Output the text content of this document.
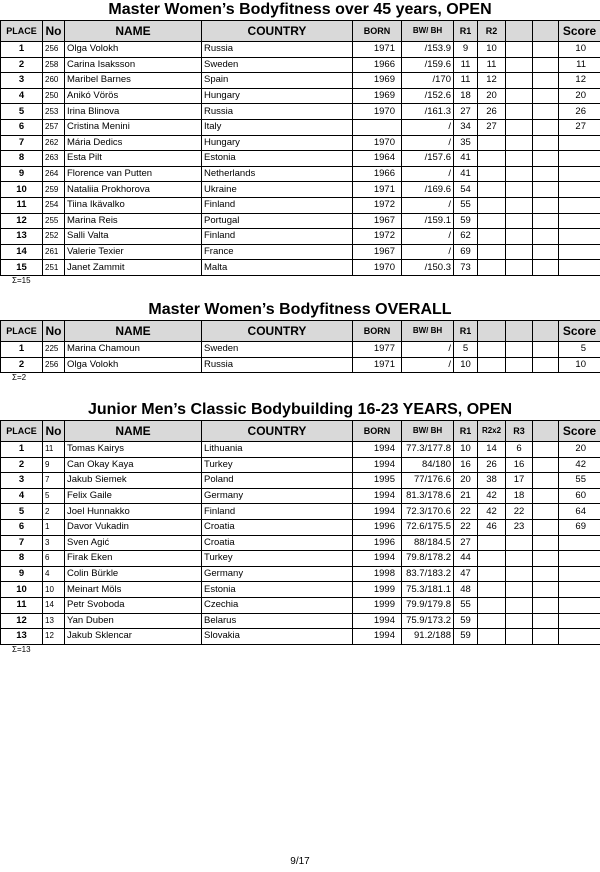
Master Women’s Bodyfitness over 45 years, OPEN
PLACE	No	NAME	COUNTRY	BORN	BW/ BH	R1	R2			Score
1	256	Olga Volokh	Russia	1971	/153.9	9	10			10
2	258	Carina Isaksson	Sweden	1966	/159.6	11	11			11
3	260	Maribel Barnes	Spain	1969	/170	11	12			12
4	250	Anikó Vörös	Hungary	1969	/152.6	18	20			20
5	253	Irina Blinova	Russia	1970	/161.3	27	26			26
6	257	Cristina Menini	Italy		/	34	27			27
7	262	Mária Dedics	Hungary	1970	/	35				
8	263	Esta Pilt	Estonia	1964	/157.6	41				
9	264	Florence van Putten	Netherlands	1966	/	41				
10	259	Nataliia Prokhorova	Ukraine	1971	/169.6	54				
11	254	Tiina Ikävalko	Finland	1972	/	55				
12	255	Marina Reis	Portugal	1967	/159.1	59				
13	252	Salli Valta	Finland	1972	/	62				
14	261	Valerie Texier	France	1967	/	69				
15	251	Janet Zammit	Malta	1970	/150.3	73				
Σ=15
Master Women’s Bodyfitness OVERALL
PLACE	No	NAME	COUNTRY	BORN	BW/ BH	R1				Score
1	225	Marina Chamoun	Sweden	1977	/	5				5
2	256	Olga Volokh	Russia	1971	/	10				10
Σ=2
Junior Men’s Classic Bodybuilding 16-23 YEARS, OPEN
PLACE	No	NAME	COUNTRY	BORN	BW/ BH	R1	R2x2	R3		Score
1	11	Tomas Kairys	Lithuania	1994	77.3/177.8	10	14	6		20
2	9	Can Okay Kaya	Turkey	1994	84/180	16	26	16		42
3	7	Jakub Siemek	Poland	1995	77/176.6	20	38	17		55
4	5	Felix Gaile	Germany	1994	81.3/178.6	21	42	18		60
5	2	Joel Hunnakko	Finland	1994	72.3/170.6	22	42	22		64
6	1	Davor Vukadin	Croatia	1996	72.6/175.5	22	46	23		69
7	3	Sven Agić	Croatia	1996	88/184.5	27				
8	6	Firak Eken	Turkey	1994	79.8/178.2	44				
9	4	Colin Bürkle	Germany	1998	83.7/183.2	47				
10	10	Meinart Möls	Estonia	1999	75.3/181.1	48				
11	14	Petr Svoboda	Czechia	1999	79.9/179.8	55				
12	13	Yan Duben	Belarus	1994	75.9/173.2	59				
13	12	Jakub Sklencar	Slovakia	1994	91.2/188	59				
Σ=13
9/17
